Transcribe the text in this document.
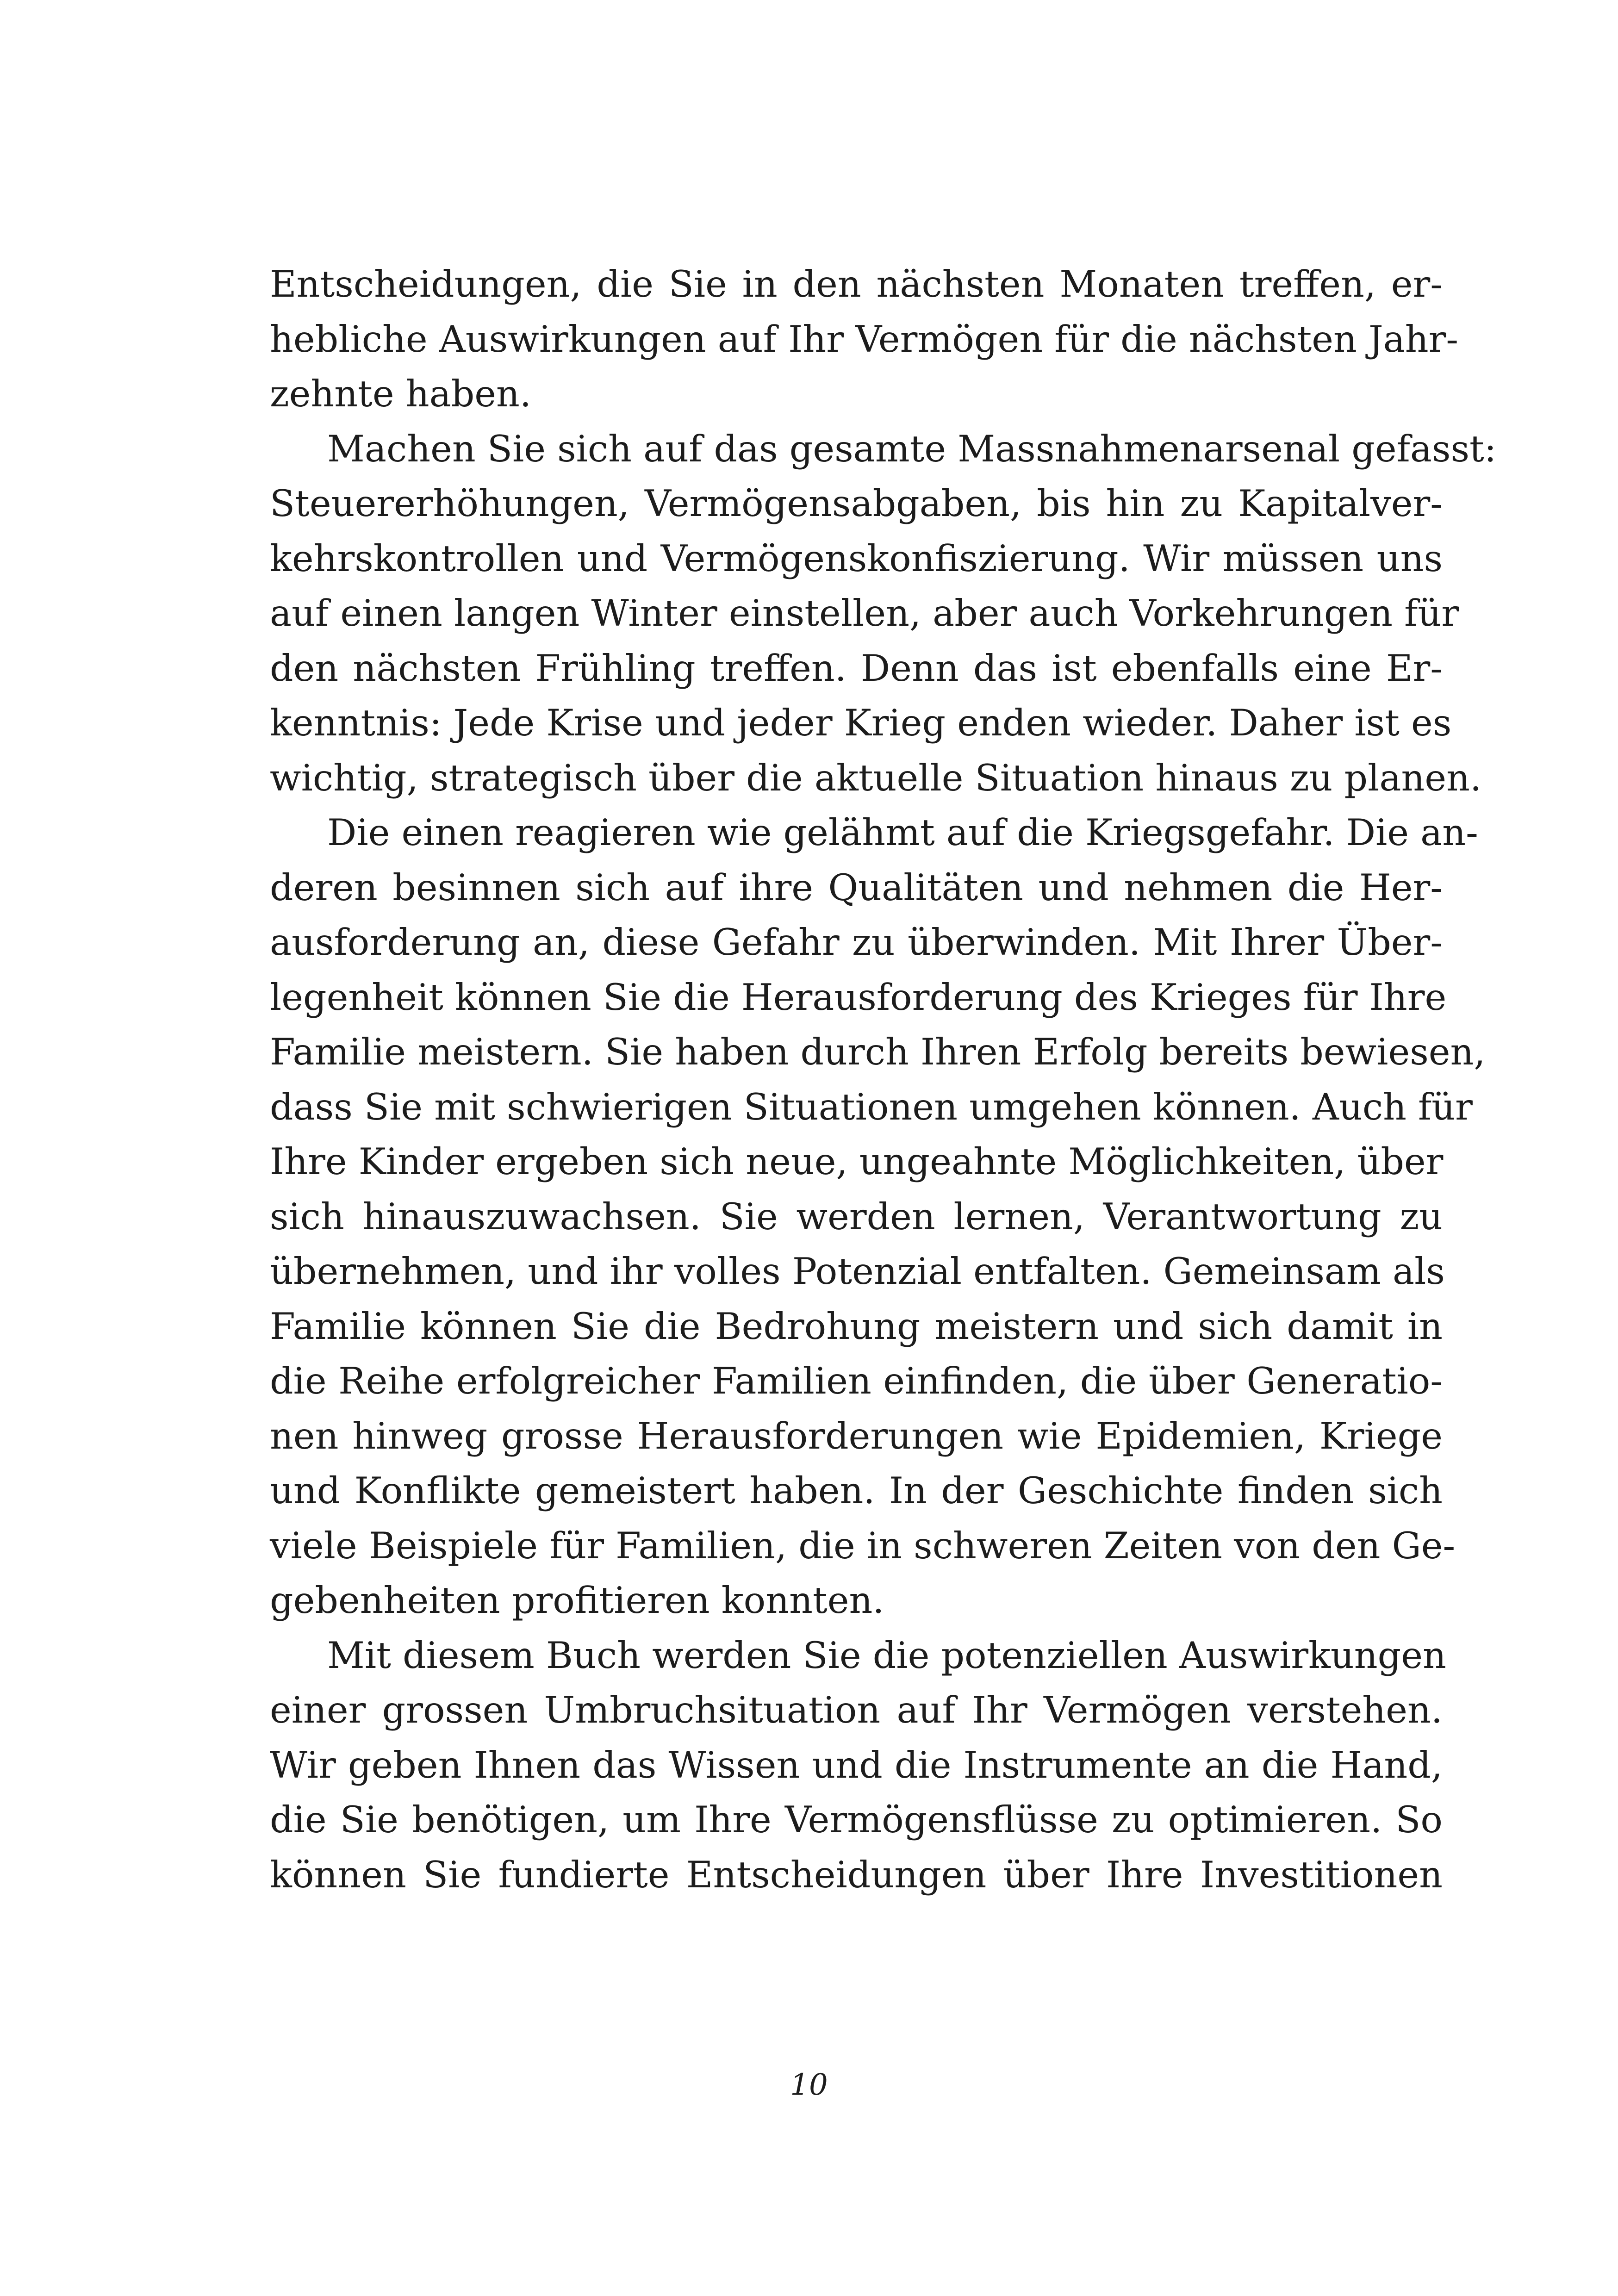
Entscheidungen, die Sie in den nächsten Monaten treffen, er-
hebliche Auswirkungen auf Ihr Vermögen für die nächsten Jahr-
zehnte haben.
Machen Sie sich auf das gesamte Massnahmenarsenal gefasst:
Steuererhöhungen, Vermögensabgaben, bis hin zu Kapitalver-
kehrskontrollen und Vermögenskonfiszierung. Wir müssen uns
auf einen langen Winter einstellen, aber auch Vorkehrungen für
den nächsten Frühling treffen. Denn das ist ebenfalls eine Er-
kenntnis: Jede Krise und jeder Krieg enden wieder. Daher ist es
wichtig, strategisch über die aktuelle Situation hinaus zu planen.
Die einen reagieren wie gelähmt auf die Kriegsgefahr. Die an-
deren besinnen sich auf ihre Qualitäten und nehmen die Her-
ausforderung an, diese Gefahr zu überwinden. Mit Ihrer Über-
legenheit können Sie die Herausforderung des Krieges für Ihre
Familie meistern. Sie haben durch Ihren Erfolg bereits bewiesen,
dass Sie mit schwierigen Situationen umgehen können. Auch für
Ihre Kinder ergeben sich neue, ungeahnte Möglichkeiten, über
sich hinauszuwachsen. Sie werden lernen, Verantwortung zu
übernehmen, und ihr volles Potenzial entfalten. Gemeinsam als
Familie können Sie die Bedrohung meistern und sich damit in
die Reihe erfolgreicher Familien einfinden, die über Generatio-
nen hinweg grosse Herausforderungen wie Epidemien, Kriege
und Konflikte gemeistert haben. In der Geschichte finden sich
viele Beispiele für Familien, die in schweren Zeiten von den Ge-
gebenheiten profitieren konnten.
Mit diesem Buch werden Sie die potenziellen Auswirkungen
einer grossen Umbruchsituation auf Ihr Vermögen verstehen.
Wir geben Ihnen das Wissen und die Instrumente an die Hand,
die Sie benötigen, um Ihre Vermögensflüsse zu optimieren. So
können Sie fundierte Entscheidungen über Ihre Investitionen
10
